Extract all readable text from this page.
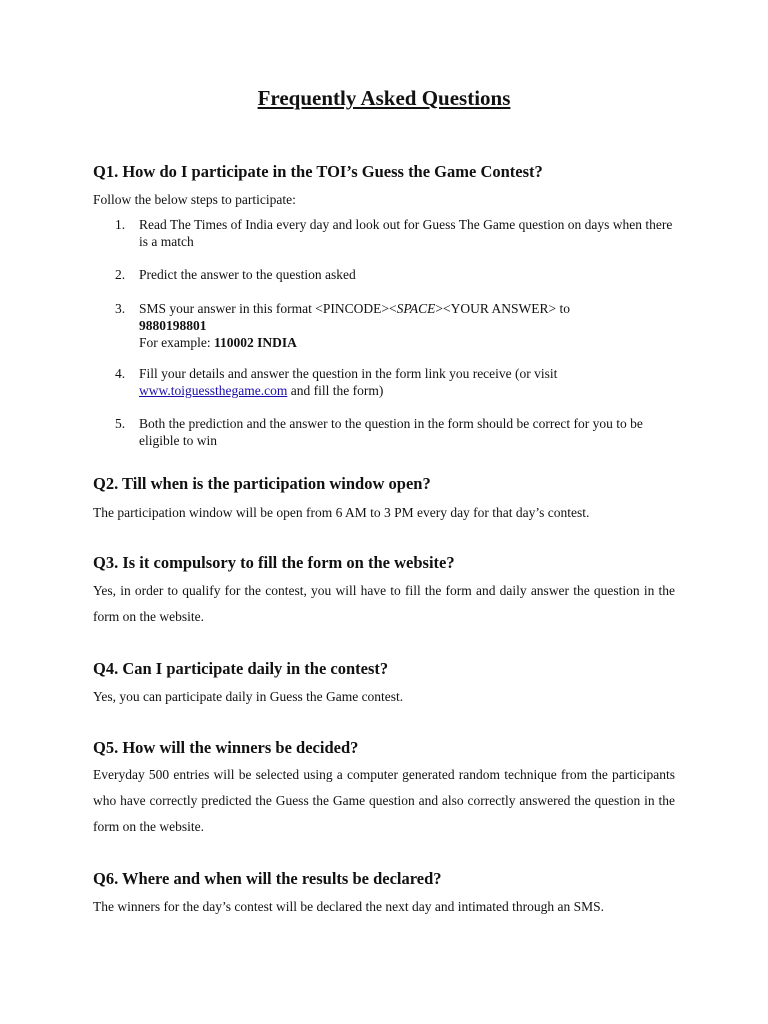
Frequently Asked Questions
Q1. How do I participate in the TOI’s Guess the Game Contest?

Follow the below steps to participate:

1. Read The Times of India every day and look out for Guess The Game question on days when there is a match
2. Predict the answer to the question asked
3. SMS your answer in this format <PINCODE><SPACE><YOUR ANSWER> to
9880198801
For example: 110002 INDIA
4. Fill your details and answer the question in the form link you receive (or visit
www.toiguessthegame.com and fill the form)
5. Both the prediction and the answer to the question in the form should be correct for you to be eligible to win
Q2. Till when is the participation window open?

The participation window will be open from 6 AM to 3 PM every day for that day’s contest.

Q3. Is it compulsory to fill the form on the website?

Yes, in order to qualify for the contest, you will have to fill the form and daily answer the question in the form on the website.

Q4. Can I participate daily in the contest?

Yes, you can participate daily in Guess the Game contest.

Q5. How will the winners be decided?

Everyday 500 entries will be selected using a computer generated random technique from the participants who have correctly predicted the Guess the Game question and also correctly answered the question in the form on the website.

Q6. Where and when will the results be declared?

The winners for the day’s contest will be declared the next day and intimated through an SMS.
